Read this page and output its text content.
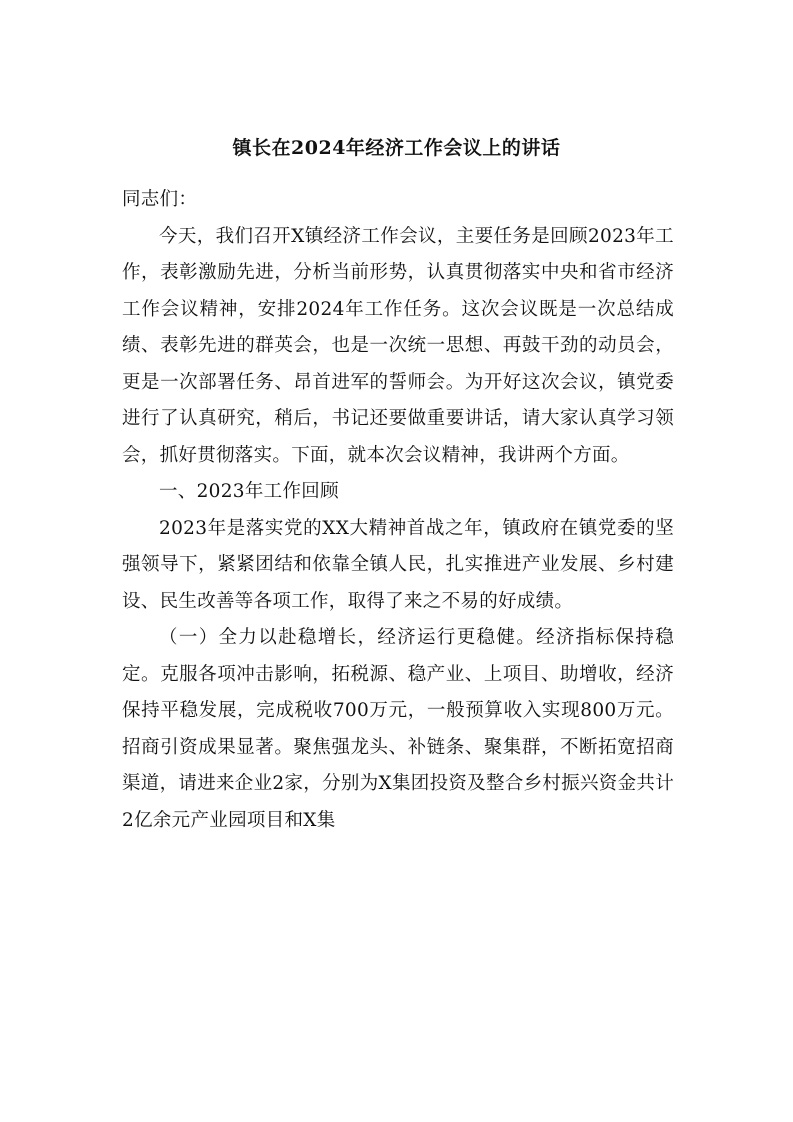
镇长在2024年经济工作会议上的讲话

同志们：

今天，我们召开X镇经济工作会议，主要任务是回顾2023年工作，表彰激励先进，分析当前形势，认真贯彻落实中央和省市经济工作会议精神，安排2024年工作任务。这次会议既是一次总结成绩、表彰先进的群英会，也是一次统一思想、再鼓干劲的动员会，更是一次部署任务、昂首进军的誓师会。为开好这次会议，镇党委进行了认真研究，稍后，书记还要做重要讲话，请大家认真学习领会，抓好贯彻落实。下面，就本次会议精神，我讲两个方面。

一、2023年工作回顾

2023年是落实党的XX大精神首战之年，镇政府在镇党委的坚强领导下，紧紧团结和依靠全镇人民，扎实推进产业发展、乡村建设、民生改善等各项工作，取得了来之不易的好成绩。

（一）全力以赴稳增长，经济运行更稳健。经济指标保持稳定。克服各项冲击影响，拓税源、稳产业、上项目、助增收，经济保持平稳发展，完成税收700万元，一般预算收入实现800万元。招商引资成果显著。聚焦强龙头、补链条、聚集群，不断拓宽招商渠道，请进来企业2家，分别为X集团投资及整合乡村振兴资金共计2亿余元产业园项目和X集
